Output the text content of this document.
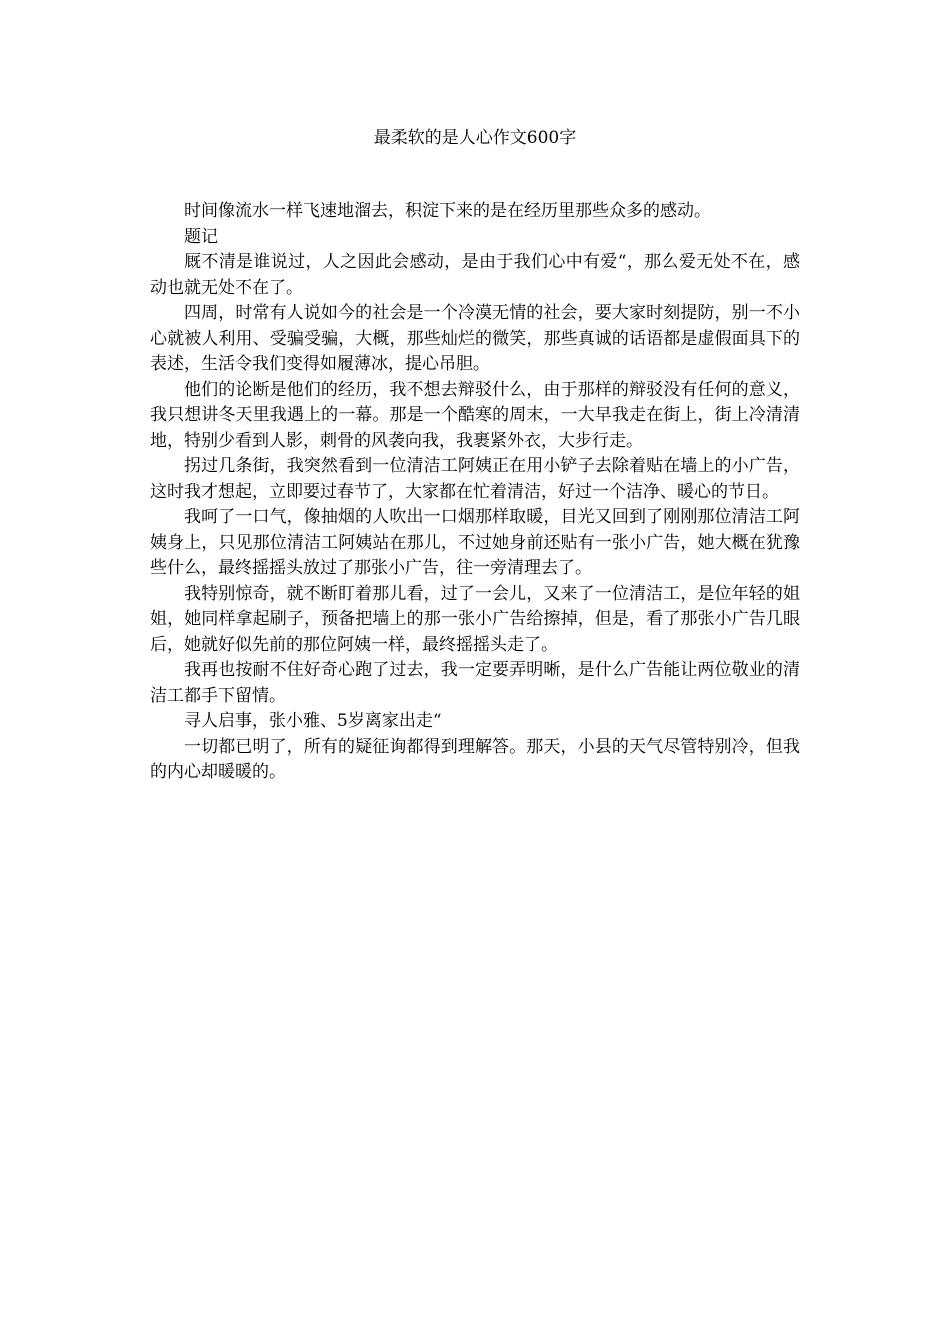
最柔软的是人心作文600字

时间像流水一样飞速地溜去，积淀下来的是在经历里那些众多的感动。

题记

厩不清是谁说过，人之因此会感动，是由于我们心中有爱“，那么爱无处不在，感动也就无处不在了。

四周，时常有人说如今的社会是一个冷漠无情的社会，要大家时刻提防，别一不小心就被人利用、受骗受骗，大概，那些灿烂的微笑，那些真诚的话语都是虚假面具下的表述，生活令我们变得如履薄冰，提心吊胆。

他们的论断是他们的经历，我不想去辩驳什么，由于那样的辩驳没有任何的意义，我只想讲冬天里我遇上的一幕。那是一个酷寒的周末，一大早我走在街上，街上冷清清地，特别少看到人影，刺骨的风袭向我，我裹紧外衣，大步行走。

拐过几条街，我突然看到一位清洁工阿姨正在用小铲子去除着贴在墙上的小广告，这时我才想起，立即要过春节了，大家都在忙着清洁，好过一个洁净、暖心的节日。

我呵了一口气，像抽烟的人吹出一口烟那样取暖，目光又回到了刚刚那位清洁工阿姨身上，只见那位清洁工阿姨站在那儿，不过她身前还贴有一张小广告，她大概在犹豫些什么，最终摇摇头放过了那张小广告，往一旁清理去了。

我特别惊奇，就不断盯着那儿看，过了一会儿，又来了一位清洁工，是位年轻的姐姐，她同样拿起刷子，预备把墙上的那一张小广告给擦掉，但是，看了那张小广告几眼后，她就好似先前的那位阿姨一样，最终摇摇头走了。

我再也按耐不住好奇心跑了过去，我一定要弄明晰，是什么广告能让两位敬业的清洁工都手下留情。

寻人启事，张小雅、5岁离家出走“

一切都已明了，所有的疑征询都得到理解答。那天，小县的天气尽管特别冷，但我的内心却暖暖的。
